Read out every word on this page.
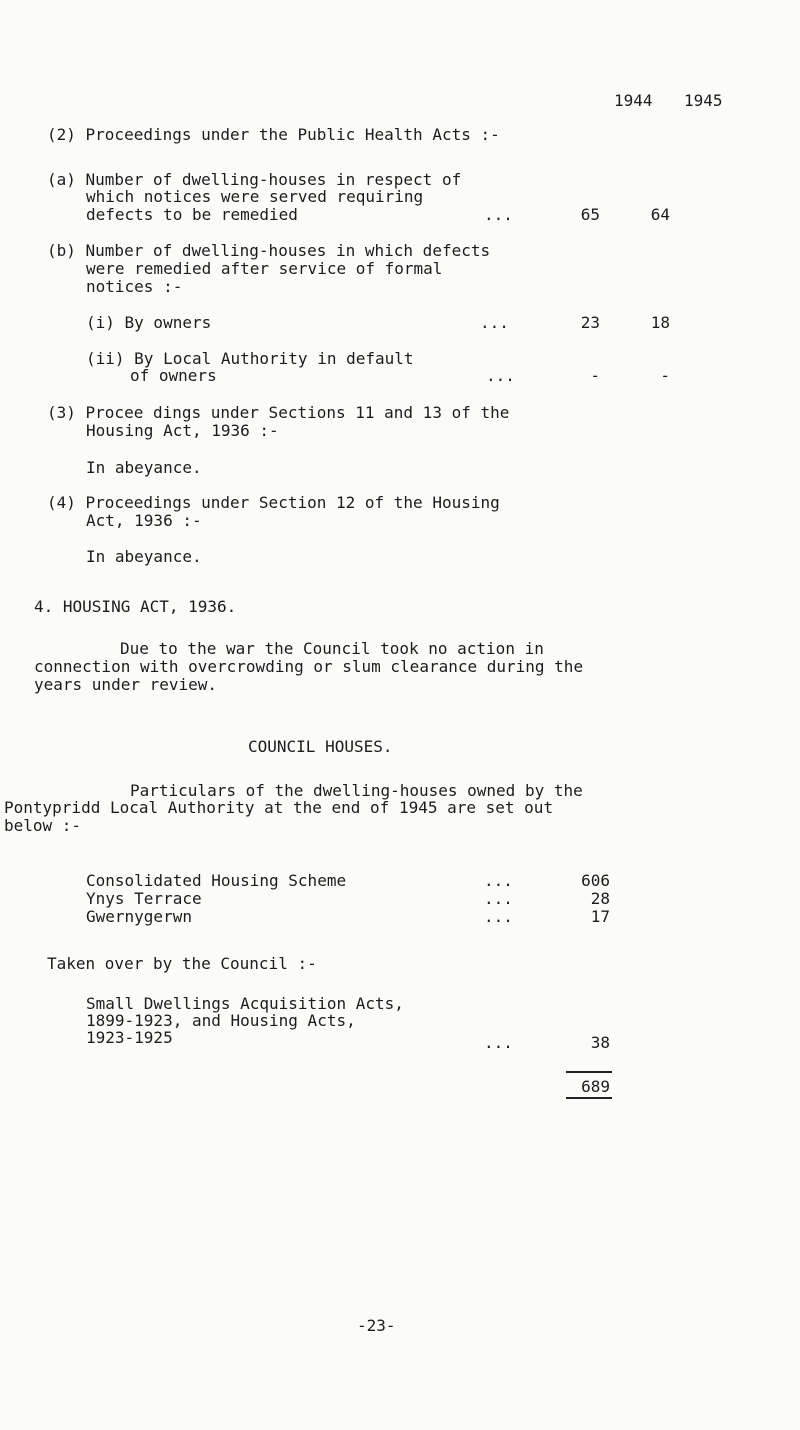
1944 1945
(2) Proceedings under the Public Health Acts :-
(a) Number of dwelling-houses in respect of
which notices were served requiring
defects to be remedied	...	65	64
(b) Number of dwelling-houses in which defects
were remedied after service of formal
notices :-
(i) By owners	...	23	18
(ii) By Local Authority in default
of owners	...	-	-
(3) Procee dings under Sections 11 and 13 of the
Housing Act, 1936 :-
In abeyance.
(4) Proceedings under Section 12 of the Housing
Act, 1936 :-
In abeyance.
4. HOUSING ACT, 1936.
Due to the war the Council took no action in
connection with overcrowding or slum clearance during the
years under review.
COUNCIL HOUSES.
Particulars of the dwelling-houses owned by the
Pontypridd Local Authority at the end of 1945 are set out
below :-
Consolidated Housing Scheme	...	606
Ynys Terrace	...	28
Gwernygerwn	...	17
Taken over by the Council :-
Small Dwellings Acquisition Acts,
1899-1923, and Housing Acts,
1923-1925	...	38
689
-23-
